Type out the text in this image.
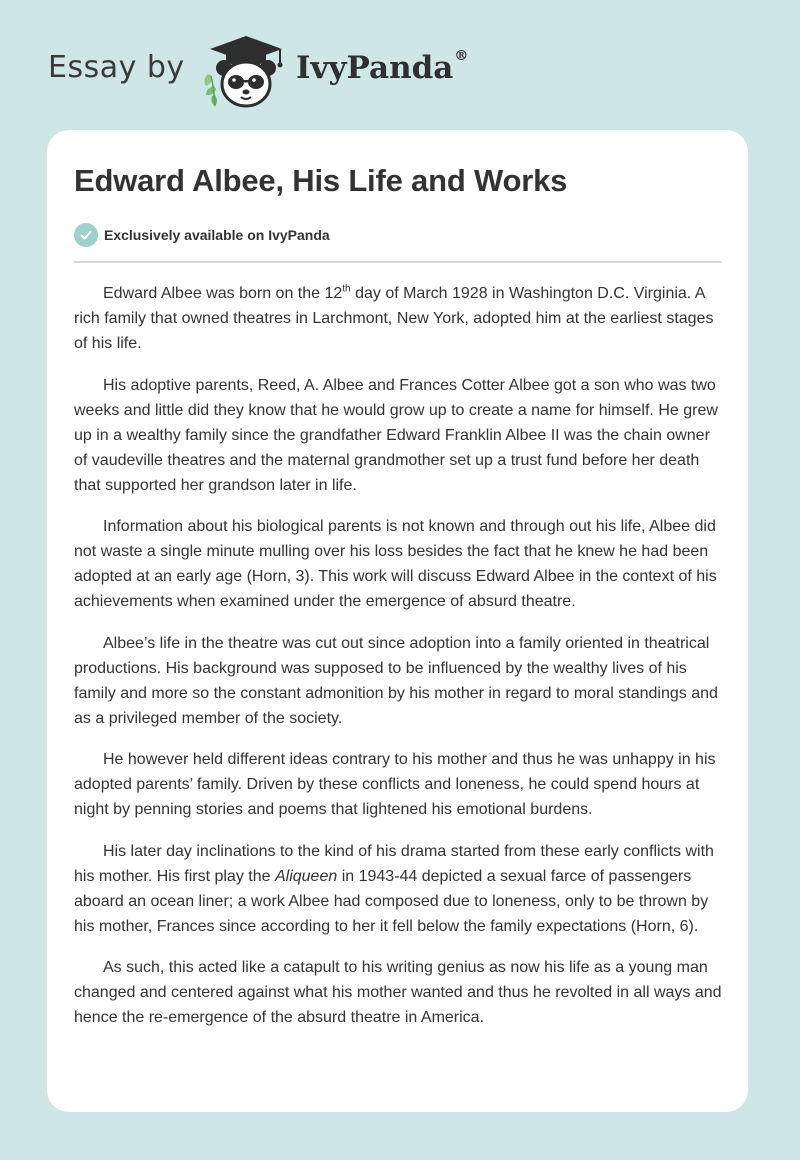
Essay by	IvyPanda®
Edward Albee, His Life and Works
Exclusively available on IvyPanda

Edward Albee was born on the 12th day of March 1928 in Washington D.C. Virginia. A rich family that owned theatres in Larchmont, New York, adopted him at the earliest stages of his life.

His adoptive parents, Reed, A. Albee and Frances Cotter Albee got a son who was two weeks and little did they know that he would grow up to create a name for himself. He grew up in a wealthy family since the grandfather Edward Franklin Albee II was the chain owner of vaudeville theatres and the maternal grandmother set up a trust fund before her death that supported her grandson later in life.

Information about his biological parents is not known and through out his life, Albee did not waste a single minute mulling over his loss besides the fact that he knew he had been adopted at an early age (Horn, 3). This work will discuss Edward Albee in the context of his achievements when examined under the emergence of absurd theatre.

Albee’s life in the theatre was cut out since adoption into a family oriented in theatrical productions. His background was supposed to be influenced by the wealthy lives of his family and more so the constant admonition by his mother in regard to moral standings and as a privileged member of the society.

He however held different ideas contrary to his mother and thus he was unhappy in his adopted parents’ family. Driven by these conflicts and loneness, he could spend hours at night by penning stories and poems that lightened his emotional burdens.

His later day inclinations to the kind of his drama started from these early conflicts with his mother. His first play the Aliqueen in 1943-44 depicted a sexual farce of passengers aboard an ocean liner; a work Albee had composed due to loneness, only to be thrown by his mother, Frances since according to her it fell below the family expectations (Horn, 6).

As such, this acted like a catapult to his writing genius as now his life as a young man changed and centered against what his mother wanted and thus he revolted in all ways and hence the re-emergence of the absurd theatre in America.
